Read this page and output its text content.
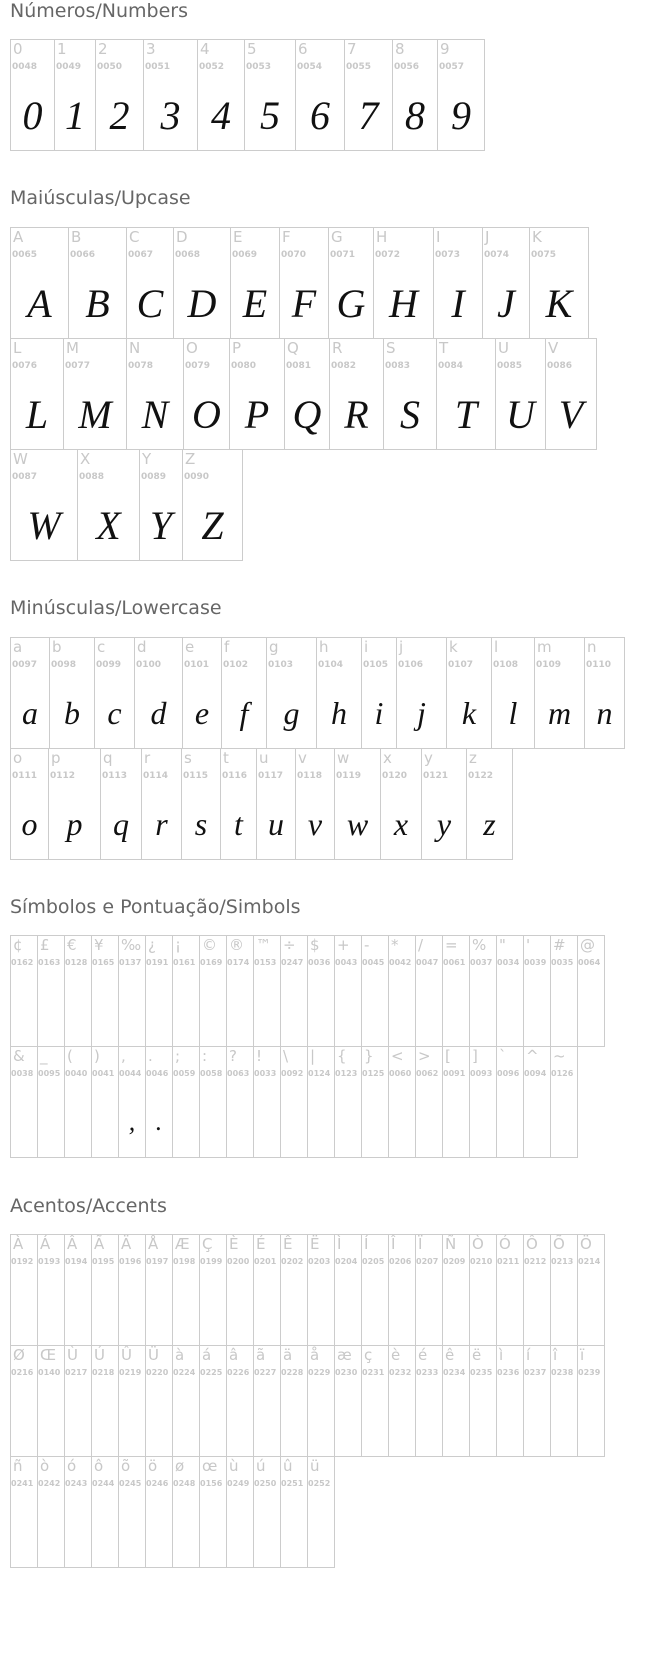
Números/Numbers
0
0048
0
1
0049
1
2
0050
2
3
0051
3
4
0052
4
5
0053
5
6
0054
6
7
0055
7
8
0056
8
9
0057
9
Maiúsculas/Upcase
A
0065
A
B
0066
B
C
0067
C
D
0068
D
E
0069
E
F
0070
F
G
0071
G
H
0072
H
I
0073
I
J
0074
J
K
0075
K
L
0076
L
M
0077
M
N
0078
N
O
0079
O
P
0080
P
Q
0081
Q
R
0082
R
S
0083
S
T
0084
T
U
0085
U
V
0086
V
W
0087
W
X
0088
X
Y
0089
Y
Z
0090
Z
Minúsculas/Lowercase
a
0097
a
b
0098
b
c
0099
c
d
0100
d
e
0101
e
f
0102
f
g
0103
g
h
0104
h
i
0105
i
j
0106
j
k
0107
k
l
0108
l
m
0109
m
n
0110
n
o
0111
o
p
0112
p
q
0113
q
r
0114
r
s
0115
s
t
0116
t
u
0117
u
v
0118
v
w
0119
w
x
0120
x
y
0121
y
z
0122
z
Símbolos e Pontuação/Simbols
¢
0162
£
0163
€
0128
¥
0165
‰
0137
¿
0191
¡
0161
©
0169
®
0174
™
0153
÷
0247
$
0036
+
0043
-
0045
*
0042
/
0047
=
0061
%
0037
"
0034
'
0039
#
0035
@
0064
&
0038
_
0095
(
0040
)
0041
,
0044
,
.
0046
.
;
0059
:
0058
?
0063
!
0033
\
0092
|
0124
{
0123
}
0125
<
0060
>
0062
[
0091
]
0093
`
0096
^
0094
~
0126
Acentos/Accents
À
0192
Á
0193
Â
0194
Ã
0195
Ä
0196
Å
0197
Æ
0198
Ç
0199
È
0200
É
0201
Ê
0202
Ë
0203
Ì
0204
Í
0205
Î
0206
Ï
0207
Ñ
0209
Ò
0210
Ó
0211
Ô
0212
Õ
0213
Ö
0214
Ø
0216
Œ
0140
Ù
0217
Ú
0218
Û
0219
Ü
0220
à
0224
á
0225
â
0226
ã
0227
ä
0228
å
0229
æ
0230
ç
0231
è
0232
é
0233
ê
0234
ë
0235
ì
0236
í
0237
î
0238
ï
0239
ñ
0241
ò
0242
ó
0243
ô
0244
õ
0245
ö
0246
ø
0248
œ
0156
ù
0249
ú
0250
û
0251
ü
0252
